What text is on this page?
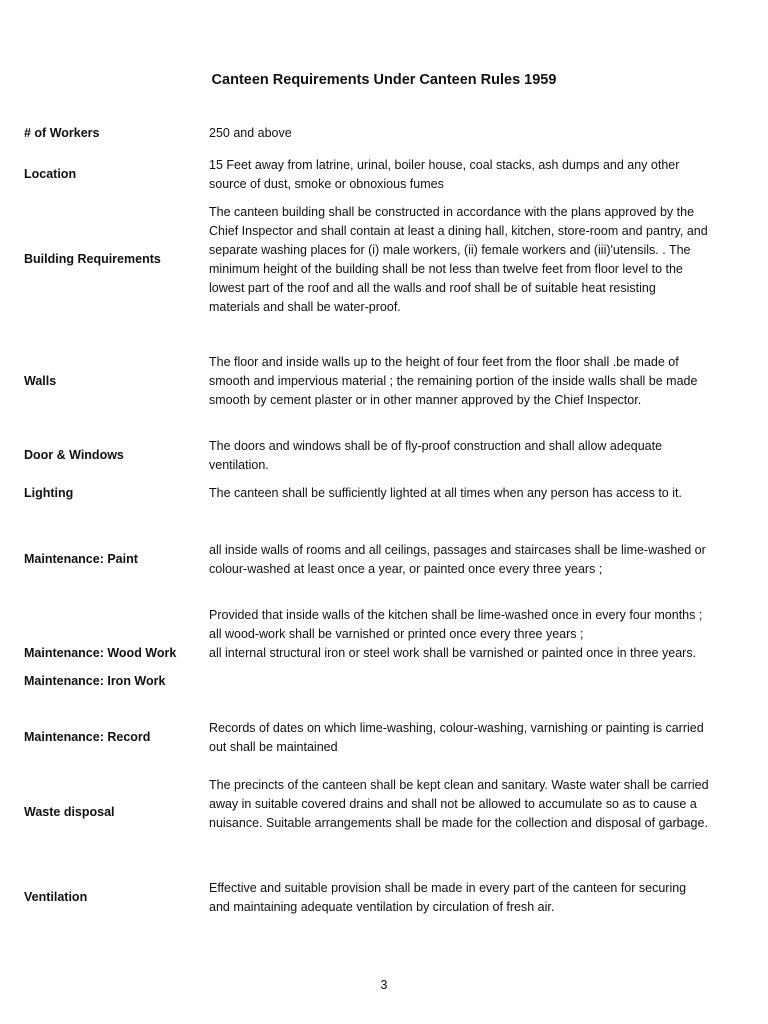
Canteen Requirements Under Canteen Rules 1959
# of Workers	250 and above
Location
15 Feet away from latrine, urinal, boiler house, coal stacks, ash dumps and any other source of dust, smoke or obnoxious fumes
Building Requirements
The canteen building shall be constructed in accordance with the plans approved by the Chief Inspector and shall contain at least a dining hall, kitchen, store‐room and pantry, and separate washing places for (i) male workers, (ii) female workers and (iii)'utensils. . The minimum height of the building shall be not less than twelve feet from floor level to the lowest part of the roof and all the walls and roof shall be of suitable heat resisting materials and shall be water‐proof.
Walls
The floor and inside walls up to the height of four feet from the floor shall .be made of smooth and impervious material ; the remaining portion of the inside walls shall be made smooth by cement plaster or in other manner approved by the Chief Inspector.
Door & Windows
The doors and windows shall be of fly‐proof construction and shall allow adequate ventilation.
Lighting	The canteen shall be sufficiently lighted at all times when any person has access to it.
Maintenance: Paint
all inside walls of rooms and all ceilings, passages and staircases shall be lime‐washed or colour‐washed at least once a year, or painted once every three years ;
Maintenance: Wood Work
Maintenance: Iron Work

Provided that inside walls of the kitchen shall be lime‐washed once in every four months ;

all wood‐work shall be varnished or printed once every three years ;

all internal structural iron or steel work shall be varnished or painted once in three years.

Maintenance: Record
Records of dates on which lime‐washing, colour‐washing, varnishing or painting is carried out shall be maintained
Waste disposal
The precincts of the canteen shall be kept clean and sanitary. Waste water shall be carried away in suitable covered drains and shall not be allowed to accumulate so as to cause a nuisance. Suitable arrangements shall be made for the collection and disposal of garbage.
Ventilation
Effective and suitable provision shall be made in every part of the canteen for securing and maintaining adequate ventilation by circulation of fresh air.
3
